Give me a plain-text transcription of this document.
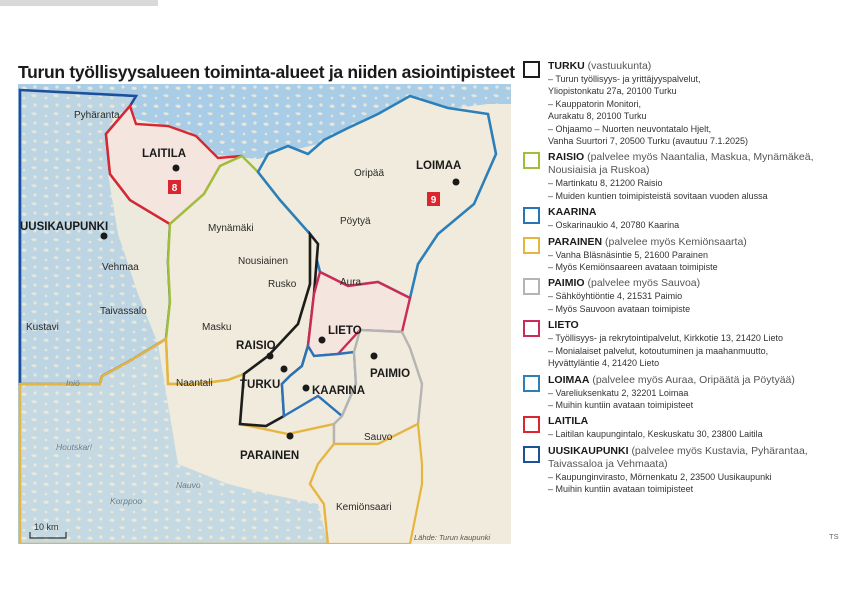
Turun työllisyysalueen toiminta-alueet ja niiden asiointipisteet
8
9
LAITILA
LOIMAA
UUSIKAUPUNKI
RAISIO
TURKU	KAARINA
LIETO
PAIMIO
PARAINEN
Pyhäranta
Vehmaa
Taivassalo
Kustavi
Mynämäki
Nousiainen
Rusko
Masku
Naantali
Oripää
Pöytyä
Aura
Sauvo
Kemiönsaari
Iniö
Houtskari
Nauvo
Korppoo
10 km
Lähde: Turun kaupunki
TURKU (vastuukunta)
– Turun työllisyys- ja yrittäjyyspalvelut,
Yliopistonkatu 27a, 20100 Turku
– Kauppatorin Monitori,
Aurakatu 8, 20100 Turku
– Ohjaamo – Nuorten neuvontatalo Hjelt,
Vanha Suurtori 7, 20500 Turku (avautuu 7.1.2025)
RAISIO (palvelee myös Naantalia, Maskua, Mynämäkeä,
Nousiaisia ja Ruskoa)
– Martinkatu 8, 21200 Raisio
– Muiden kuntien toimipisteistä sovitaan vuoden alussa
KAARINA
– Oskarinaukio 4, 20780 Kaarina
PARAINEN (palvelee myös Kemiönsaarta)
– Vanha Bläsnäsintie 5, 21600 Parainen
– Myös Kemiönsaareen avataan toimipiste
PAIMIO (palvelee myös Sauvoa)
– Sähköyhtiöntie 4, 21531 Paimio
– Myös Sauvoon avataan toimipiste
LIETO
– Työllisyys- ja rekrytointipalvelut, Kirkkotie 13, 21420 Lieto
– Monialaiset palvelut, kotoutuminen ja maahanmuutto,
Hyvättyläntie 4, 21420 Lieto
LOIMAA (palvelee myös Auraa, Oripäätä ja Pöytyää)
– Vareliuksenkatu 2, 32201 Loimaa
– Muihin kuntiin avataan toimipisteet
LAITILA
– Laitilan kaupungintalo, Keskuskatu 30, 23800 Laitila
UUSIKAUPUNKI (palvelee myös Kustavia, Pyhärantaa,
Taivassaloa ja Vehmaata)
– Kaupunginvirasto, Mörnenkatu 2, 23500 Uusikaupunki
– Muihin kuntiin avataan toimipisteet
TS
